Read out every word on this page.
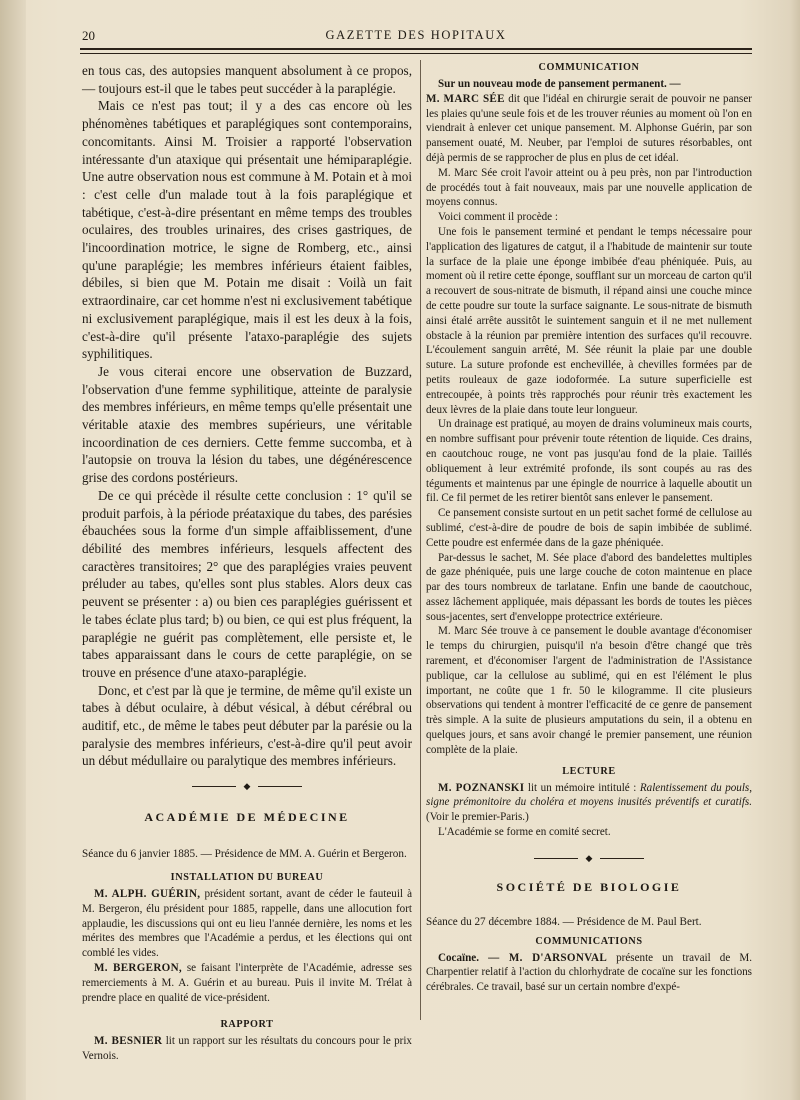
20	GAZETTE DES HOPITAUX

en tous cas, des autopsies manquent absolument à ce propos, — toujours est-il que le tabes peut succéder à la paraplégie.

Mais ce n'est pas tout; il y a des cas encore où les phénomènes tabétiques et paraplégiques sont contemporains, concomitants. Ainsi M. Troisier a rapporté l'observation intéressante d'un ataxique qui présentait une hémiparaplégie. Une autre observation nous est commune à M. Potain et à moi : c'est celle d'un malade tout à la fois paraplégique et tabétique, c'est-à-dire présentant en même temps des troubles oculaires, des troubles urinaires, des crises gastriques, de l'incoordination motrice, le signe de Romberg, etc., ainsi qu'une paraplégie; les membres inférieurs étaient faibles, débiles, si bien que M. Potain me disait : Voilà un fait extraordinaire, car cet homme n'est ni exclusivement tabétique ni exclusivement paraplégique, mais il est les deux à la fois, c'est-à-dire qu'il présente l'ataxo-paraplégie des sujets syphilitiques.

Je vous citerai encore une observation de Buzzard, l'observation d'une femme syphilitique, atteinte de paralysie des membres inférieurs, en même temps qu'elle présentait une véritable ataxie des membres supérieurs, une véritable incoordination de ces derniers. Cette femme succomba, et à l'autopsie on trouva la lésion du tabes, une dégénérescence grise des cordons postérieurs.

De ce qui précède il résulte cette conclusion : 1° qu'il se produit parfois, à la période préataxique du tabes, des parésies ébauchées sous la forme d'un simple affaiblissement, d'une débilité des membres inférieurs, lesquels affectent des caractères transitoires; 2° que des paraplégies vraies peuvent préluder au tabes, qu'elles sont plus stables. Alors deux cas peuvent se présenter : a) ou bien ces paraplégies guérissent et le tabes éclate plus tard; b) ou bien, ce qui est plus fréquent, la paraplégie ne guérit pas complètement, elle persiste et, le tabes apparaissant dans le cours de cette paraplégie, on se trouve en présence d'une ataxo-paraplégie.

Donc, et c'est par là que je termine, de même qu'il existe un tabes à début oculaire, à début vésical, à début cérébral ou auditif, etc., de même le tabes peut débuter par la parésie ou la paralysie des membres inférieurs, c'est-à-dire qu'il peut avoir un début médullaire ou paralytique des membres inférieurs.

◆
ACADÉMIE DE MÉDECINE

Séance du 6 janvier 1885. — Présidence de MM. A. Guérin et Bergeron.

INSTALLATION DU BUREAU

M. ALPH. GUÉRIN, président sortant, avant de céder le fauteuil à M. Bergeron, élu président pour 1885, rappelle, dans une allocution fort applaudie, les discussions qui ont eu lieu l'année dernière, les noms et les mérites des membres que l'Académie a perdus, et les élections qui ont comblé les vides.

M. BERGERON, se faisant l'interprète de l'Académie, adresse ses remerciements à M. A. Guérin et au bureau. Puis il invite M. Trélat à prendre place en qualité de vice-président.

RAPPORT

M. BESNIER lit un rapport sur les résultats du concours pour le prix Vernois.

COMMUNICATION

Sur un nouveau mode de pansement permanent. —

M. MARC SÉE dit que l'idéal en chirurgie serait de pouvoir ne panser les plaies qu'une seule fois et de les trouver réunies au moment où l'on en viendrait à enlever cet unique pansement. M. Alphonse Guérin, par son pansement ouaté, M. Neuber, par l'emploi de sutures résorbables, ont déjà permis de se rapprocher de plus en plus de cet idéal.

M. Marc Sée croit l'avoir atteint ou à peu près, non par l'introduction de procédés tout à fait nouveaux, mais par une nouvelle application de moyens connus.

Voici comment il procède :

Une fois le pansement terminé et pendant le temps nécessaire pour l'application des ligatures de catgut, il a l'habitude de maintenir sur toute la surface de la plaie une éponge imbibée d'eau phéniquée. Puis, au moment où il retire cette éponge, soufflant sur un morceau de carton qu'il a recouvert de sous-nitrate de bismuth, il répand ainsi une couche mince de cette poudre sur toute la surface saignante. Le sous-nitrate de bismuth ainsi étalé arrête aussitôt le suintement sanguin et il ne met nullement obstacle à la réunion par première intention des surfaces qu'il recouvre. L'écoulement sanguin arrêté, M. Sée réunit la plaie par une double suture. La suture profonde est enchevillée, à chevilles formées par de petits rouleaux de gaze iodoformée. La suture superficielle est entrecoupée, à points très rapprochés pour réunir très exactement les deux lèvres de la plaie dans toute leur longueur.

Un drainage est pratiqué, au moyen de drains volumineux mais courts, en nombre suffisant pour prévenir toute rétention de liquide. Ces drains, en caoutchouc rouge, ne vont pas jusqu'au fond de la plaie. Taillés obliquement à leur extrémité profonde, ils sont coupés au ras des téguments et maintenus par une épingle de nourrice à laquelle aboutit un fil. Ce fil permet de les retirer bientôt sans enlever le pansement.

Ce pansement consiste surtout en un petit sachet formé de cellulose au sublimé, c'est-à-dire de poudre de bois de sapin imbibée de sublimé. Cette poudre est enfermée dans de la gaze phéniquée.

Par-dessus le sachet, M. Sée place d'abord des bandelettes multiples de gaze phéniquée, puis une large couche de coton maintenue en place par des tours nombreux de tarlatane. Enfin une bande de caoutchouc, assez lâchement appliquée, mais dépassant les bords de toutes les pièces sous-jacentes, sert d'enveloppe protectrice extérieure.

M. Marc Sée trouve à ce pansement le double avantage d'économiser le temps du chirurgien, puisqu'il n'a besoin d'être changé que très rarement, et d'économiser l'argent de l'administration de l'Assistance publique, car la cellulose au sublimé, qui en est l'élément le plus important, ne coûte que 1 fr. 50 le kilogramme. Il cite plusieurs observations qui tendent à montrer l'efficacité de ce genre de pansement très simple. A la suite de plusieurs amputations du sein, il a obtenu en quelques jours, et sans avoir changé le premier pansement, une réunion complète de la plaie.

LECTURE

M. POZNANSKI lit un mémoire intitulé : Ralentissement du pouls, signe prémonitoire du choléra et moyens inusités préventifs et curatifs. (Voir le premier-Paris.)

L'Académie se forme en comité secret.

◆
SOCIÉTÉ DE BIOLOGIE

Séance du 27 décembre 1884. — Présidence de M. Paul Bert.

COMMUNICATIONS

Cocaïne. — M. D'ARSONVAL présente un travail de M. Charpentier relatif à l'action du chlorhydrate de cocaïne sur les fonctions cérébrales. Ce travail, basé sur un certain nombre d'expé-
